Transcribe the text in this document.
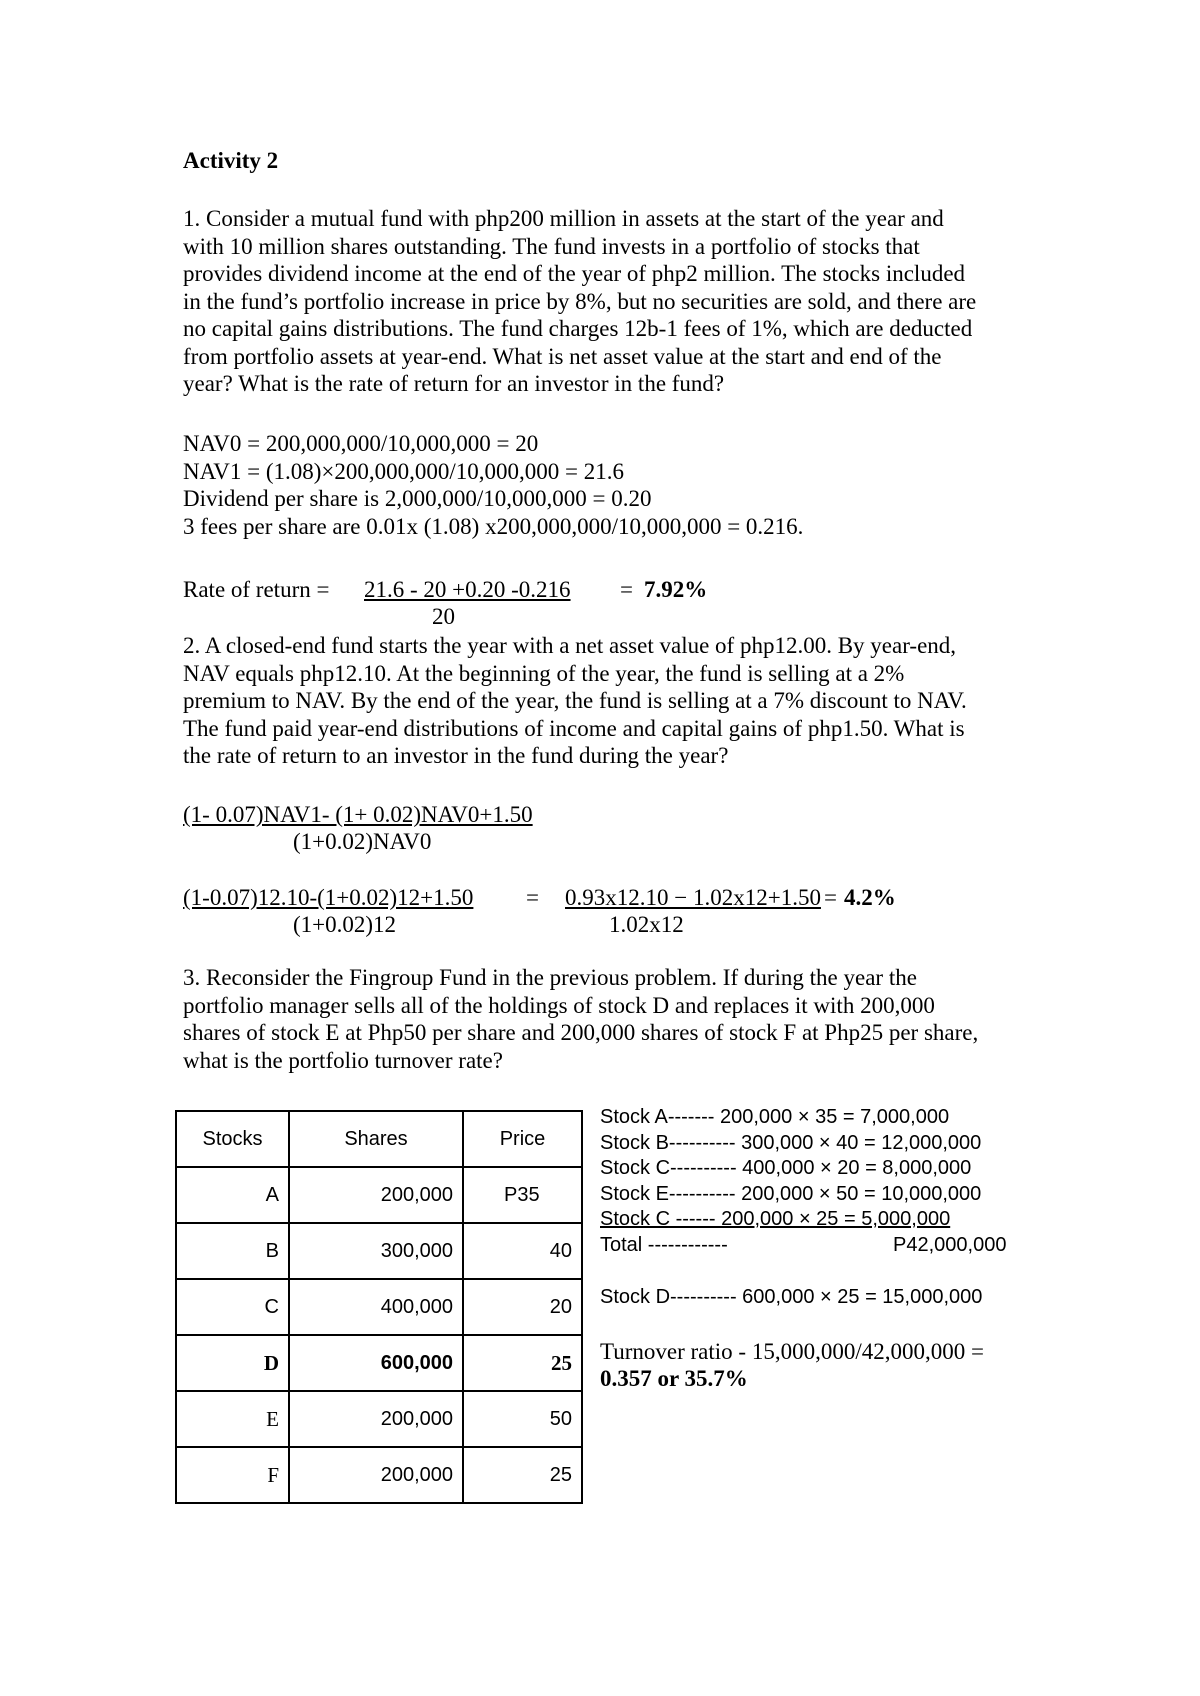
Activity 2
1. Consider a mutual fund with php200 million in assets at the start of the year and
with 10 million shares outstanding. The fund invests in a portfolio of stocks that
provides dividend income at the end of the year of php2 million. The stocks included
in the fund’s portfolio increase in price by 8%, but no securities are sold, and there are
no capital gains distributions. The fund charges 12b-1 fees of 1%, which are deducted
from portfolio assets at year-end. What is net asset value at the start and end of the
year? What is the rate of return for an investor in the fund?
NAV0 = 200,000,000/10,000,000 = 20
NAV1 = (1.08)×200,000,000/10,000,000 = 21.6
Dividend per share is 2,000,000/10,000,000 = 0.20
3 fees per share are 0.01x (1.08) x200,000,000/10,000,000 = 0.216.
Rate of return = 21.6 - 20 +0.20 -0.216
20
= 7.92%
2. A closed-end fund starts the year with a net asset value of php12.00. By year-end,
NAV equals php12.10. At the beginning of the year, the fund is selling at a 2%
premium to NAV. By the end of the year, the fund is selling at a 7% discount to NAV.
The fund paid year-end distributions of income and capital gains of php1.50. What is
the rate of return to an investor in the fund during the year?
(1- 0.07)NAV1- (1+ 0.02)NAV0+1.50
(1+0.02)NAV0
(1-0.07)12.10-(1+0.02)12+1.50
(1+0.02)12
=	0.93x12.10 − 1.02x12+1.50
1.02x12
= 4.2%
3. Reconsider the Fingroup Fund in the previous problem. If during the year the
portfolio manager sells all of the holdings of stock D and replaces it with 200,000
shares of stock E at Php50 per share and 200,000 shares of stock F at Php25 per share,
what is the portfolio turnover rate?
Stocks	Shares	Price
A	200,000	P35
B	300,000	40
C	400,000	20
D	600,000	25
E	200,000	50
F	200,000	25
Stock A------- 200,000 × 35 = 7,000,000
Stock B---------- 300,000 × 40 = 12,000,000
Stock C---------- 400,000 × 20 = 8,000,000
Stock E---------- 200,000 × 50 = 10,000,000
Stock C ------ 200,000 × 25 = 5,000,000
Total ------------	P42,000,000
Stock D---------- 600,000 × 25 = 15,000,000
Turnover ratio - 15,000,000/42,000,000 =
0.357 or 35.7%
